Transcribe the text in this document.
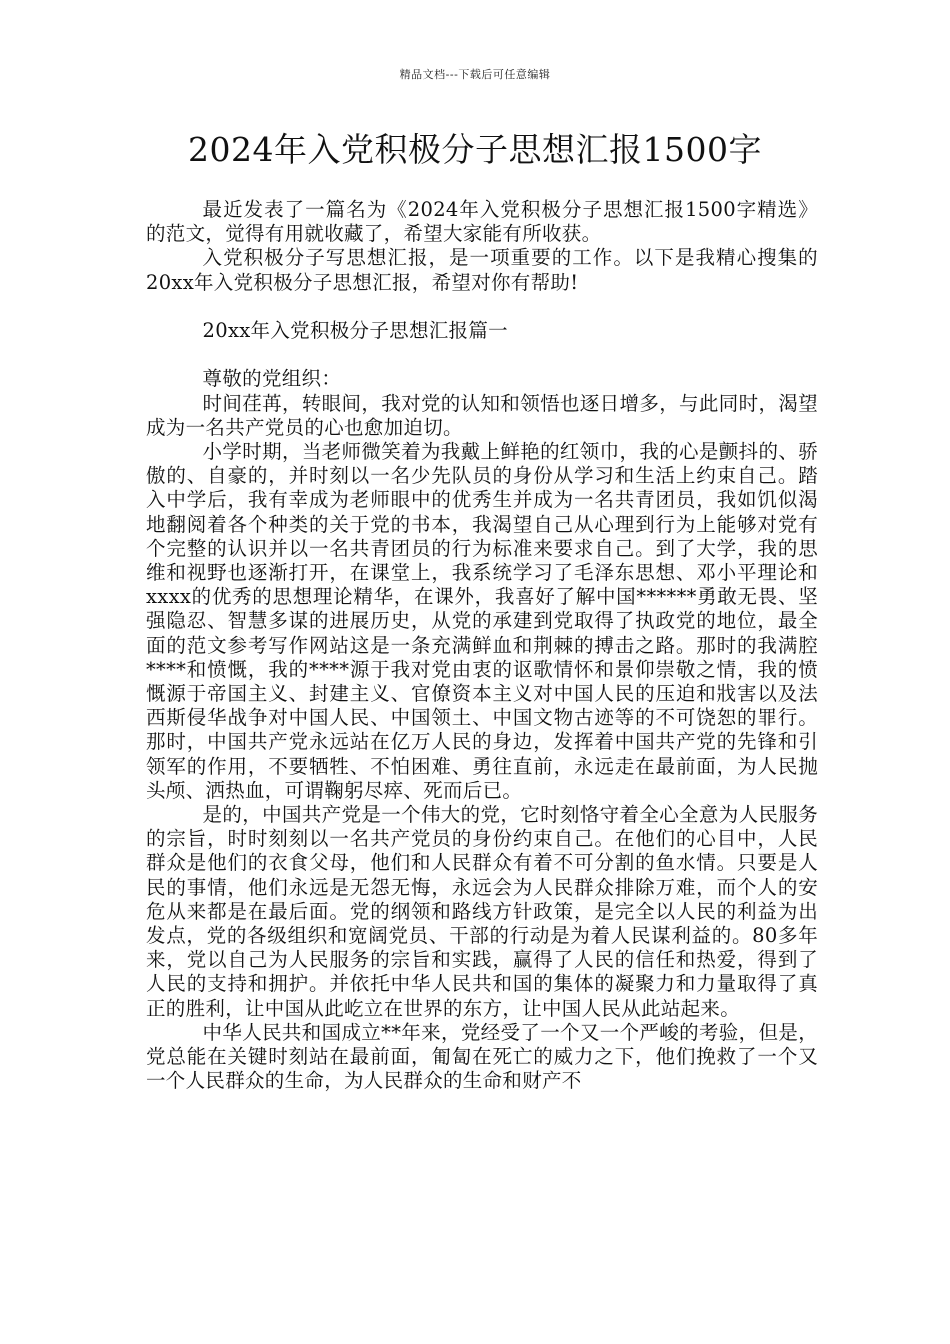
精品文档---下载后可任意编辑
2024年入党积极分子思想汇报1500字

最近发表了一篇名为《2024年入党积极分子思想汇报1500字精选》的范文，觉得有用就收藏了，希望大家能有所收获。

入党积极分子写思想汇报，是一项重要的工作。以下是我精心搜集的20xx年入党积极分子思想汇报，希望对你有帮助!

20xx年入党积极分子思想汇报篇一

尊敬的党组织：

时间荏苒，转眼间，我对党的认知和领悟也逐日增多，与此同时，渴望成为一名共产党员的心也愈加迫切。

小学时期，当老师微笑着为我戴上鲜艳的红领巾，我的心是颤抖的、骄傲的、自豪的，并时刻以一名少先队员的身份从学习和生活上约束自己。踏入中学后，我有幸成为老师眼中的优秀生并成为一名共青团员，我如饥似渴地翻阅着各个种类的关于党的书本，我渴望自己从心理到行为上能够对党有个完整的认识并以一名共青团员的行为标准来要求自己。到了大学，我的思维和视野也逐渐打开，在课堂上，我系统学习了毛泽东思想、邓小平理论和xxxx的优秀的思想理论精华，在课外，我喜好了解中国******勇敢无畏、坚强隐忍、智慧多谋的进展历史，从党的承建到党取得了执政党的地位，最全面的范文参考写作网站这是一条充满鲜血和荆棘的搏击之路。那时的我满腔****和愤慨，我的****源于我对党由衷的讴歌情怀和景仰崇敬之情，我的愤慨源于帝国主义、封建主义、官僚资本主义对中国人民的压迫和戕害以及法西斯侵华战争对中国人民、中国领土、中国文物古迹等的不可饶恕的罪行。那时，中国共产党永远站在亿万人民的身边，发挥着中国共产党的先锋和引领军的作用，不要牺牲、不怕困难、勇往直前，永远走在最前面，为人民抛头颅、洒热血，可谓鞠躬尽瘁、死而后已。

是的，中国共产党是一个伟大的党，它时刻恪守着全心全意为人民服务的宗旨，时时刻刻以一名共产党员的身份约束自己。在他们的心目中，人民群众是他们的衣食父母，他们和人民群众有着不可分割的鱼水情。只要是人民的事情，他们永远是无怨无悔，永远会为人民群众排除万难，而个人的安危从来都是在最后面。党的纲领和路线方针政策，是完全以人民的利益为出发点，党的各级组织和宽阔党员、干部的行动是为着人民谋利益的。80多年来，党以自己为人民服务的宗旨和实践，赢得了人民的信任和热爱，得到了人民的支持和拥护。并依托中华人民共和国的集体的凝聚力和力量取得了真正的胜利，让中国从此屹立在世界的东方，让中国人民从此站起来。

中华人民共和国成立**年来，党经受了一个又一个严峻的考验，但是，党总能在关键时刻站在最前面，匍匐在死亡的威力之下，他们挽救了一个又一个人民群众的生命，为人民群众的生命和财产不
